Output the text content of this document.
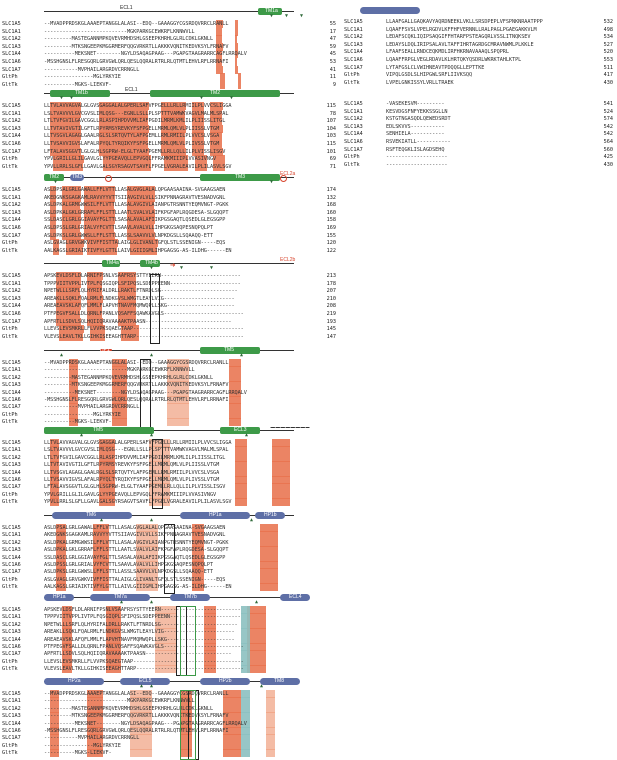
TM1a
ECL1
▼ ▼ ▼
SLC1A5	--MVADPPRDSKGLAAAEPTANGGLALASI--EDQ--GAAAGGYCGSRDQVRRCLRANLL	55
SLC1A1	---------------------------MGKPARKGCEWKRFLKNNWVLL	17
SLC1A2	---------MASTEGANNMPKQVEVRMHDSHLGSEEPKHRHLGLRLCDKLGKNLL	47
SLC1A3	---------MTKSNGEEPKMGGRMERFQQGVRKRTLLAKKKVQNITKEDVKSYLFRNAFV	59
SLC1A4	----------MEKSNET--------NGYLDSAQAGPAAG---PGAPGTAAGRARRCAGFLRRQALV	45
SLC1A6	-MSSHGNSLFLRESGQRLGRVGWLQRLQESLQQRALRTRLRLQTMTLEHVLRFLRRNAFI	53
SLC1A7	-----------MVPHAILARGRDVCRRNGLL	41
GltPh	----------------MGLYRKYIE	11
GltTk	----------MGKS-LIEKVF-	9
TM1b	TM2
ECL1
▼ ▼	▼	▼
SLC1A5	LLTVLAVVAGVALGLGVSGAGGALALGPERLSAFVFPGELLLRLLRMIILPLVVCSLIGGA	115
SLC1A1	LSLTVAVVVLGVCGVSLIMLQSG---EGNLLSLLPLSPTTTVAMWKVAGVLMALMLSPAL	78
SLC1A2	LTLTVFGVILGAVCGGLLRLASPIHPDVVMLIAFPGDILMRMLKMLILPLIISSLITGL	107
SLC1A3	LLTVTAVIVGTILGFTLRPYRMSYREVKYFSFPGELLMRMLQMLVLPLIISSLVTGM	104
SLC1A4	LLTVSGVLAGAGLGAALRGLSLSRTQVTYLAFPGEMLLRMLRMIILPLVVCSLVSGA	103
SLC1A6	LLTVSAVVIGVSLAFALRPYQLTYRQIKYFSFPGELLMRMLQMLVLPLIVSSLVTGM	115
SLC1A7	LFTALAVSGGVTLGLGLHLSGPRW-ELGLTYAAFPGEMLLRLLQLLILPLVISSLISGV	101
GltPh	YPVLGRILLGLILGAVLGLYYPGEAVQLLEPVGQLFFRAMKMIIIPLVVASIVNGV	69
GltTk	YPVLLRRLSLGFLLGAVLGALSGYRSAGVTSAVFLFPGELVGRALEAVILPLILASVLSGV	71
TM2	TM3	TM3	ECL2a
▼	▼
SLC1A5	ASLDPSALGRLGAWALLFFLVTTLLASALGVGLALALQPGAASAAINA-SVGAAGSAEN	174
SLC1A1	AKEDGNKSGAGKAMLRAVVYYVTTSIIAVGIVLVLLSIKFPNNAGRAVTVESNADVGNL	132
SLC1A2	ASLDPKALGRMGWWSILFFLVTTLLASALAVGIVLAIANPGTRSNNTYEQMVNGT-PGKK	168
SLC1A3	ASLDPKALGKLGRRAFLFFLSTTLLAATLSVALVLAIFKPGFAPLRQGDESA-SLGQQPT	160
SLC1A4	SSLDASCLGRLGGIAVAYFGLTTLSASALAVALAFIIKPGSGAQTLQSEDLGLEGSGPP	158
SLC1A6	ASLDPSSLGRLGRIALVYFCVTTLSAAVLAVALVLLIHPGKGSAQPESNQPQLPT	169
SLC1A7	ASLDPKSLGRLGWWSLLFFLSTTLLASSLSAAVVLVLNPKDGSLLSQAAQQ-ETT	155
GltPh	ASLGVAGLGRVGWKVIVFFISTTALAIGLGLIVANLTGFQLSTLSSENIGN-----EQS	120
GltTk	AALKAGSLGRIAIKTIVFYLGTTLLAIVLGIIIGMLIHPGAGSG-AS-ILDHG------EN	122
TM4a	TM4b	ECL2b
▼	▼	▼
SLC1A5	APSKEVLDSFLDLARNIFPSNLVSAAFRSYSTTYEERN--------------------------	213
SLC1A1	TPPPVIITVPPLIVTPLFQSGIQPLSFIPQSLSDEPPEENN-----------------------	178
SLC1A2	NPETWLLLSRFLQLHYRIFALDRLLRAKTLFTNRDLSG-------------------------	207
SLC1A3	AREAKLLSQKLFQALRMLFLNDKGVSLWMGTLEAYLVIG-----------------------	210
SLC1A4	AREAEAVSKLAFQFLMMLFLAPVHTNAVFMQMWQPLLSKG----------------------	208
SLC1A6	PTFPEGVFSALLDLQRNLFPANLVQSAFFSQAWKAVGLS--------------------------	219
SLC1A7	APFRTLLSDVLSQLHQIIQRAVAAAAKTPAASN----------------------------	193
GltPh	LLEVSLEVSMKRLLFLVVPKSQAEGTAAP------------------------------------	145
GltTk	VLEVSLEAVLTKLLGIHKISEEAGHTTARP-----------------------------------	147
HP1	TM5
▲	▲	▲
SLC1A5	--MVADPPRDSKGLAAAEPTANGGLALASI--EDQ--GAAAGGYCGSRDQVRRCLRANLL
SLC1A1	---------------------------MGKPARKGCEWKRFLKNNWVLL
SLC1A2	---------MASTEGANNMPKQVEVRMHDSHLGSEEPKHRHLGLRLCDKLGKNLL
SLC1A3	---------MTKSNGEEPKMGGRMERFQQGVRKRTLLAKKKVQNITKEDVKSYLFRNAFV
SLC1A4	----------MEKSNET--------NGYLDSAQAGPAAG---PGAPGTAAGRARRCAGFLRRQALV
SLC1A6	-MSSHGNSLFLRESGQRLGRVGWLQRLQESLQQRALRTRLRLQTMTLEHVLRFLRRNAFI
SLC1A7	-----------MVPHAILARGRDVCRRNGLL
GltPh	----------------MGLYRKYIE
GltTk	----------MGKS-LIEKVF-
TM5	ECL3
▲	▲	▲
SLC1A5	LLTVLAVVAGVALGLGVSGAGGALALGPERLSAFVFPGELLLRLLRMIILPLVVCSLIGGA
SLC1A1	LSLTVAVVVLGVCGVSLIMLQSG---EGNLLSLLPLSPTTTVAMWKVAGVLMALMLSPAL
SLC1A2	LTLTVFGVILGAVCGGLLRLASPIHPDVVMLIAFPGDILMRMLKMLILPLIISSLITGL
SLC1A3	LLTVTAVIVGTILGFTLRPYRMSYREVKYFSFPGELLMRMLQMLVLPLIISSLVTGM
SLC1A4	LLTVSGVLAGAGLGAALRGLSLSRTQVTYLAFPGEMLLRMLRMIILPLVVCSLVSGA
SLC1A6	LLTVSAVVIGVSLAFALRPYQLTYRQIKYFSFPGELLMRMLQMLVLPLIVSSLVTGM
SLC1A7	LFTALAVSGGVTLGLGLHLSGPRW-ELGLTYAAFPGEMLLRLLQLLILPLVISSLISGV
GltPh	YPVLGRILLGLILGAVLGLYYPGEAVQLLEPVGQLFFRAMKMIIIPLVVASIVNGV
GltTk	YPVLLRRLSLGFLLGAVLGALSGYRSAGVTSAVFLFPGELVGRALEAVILPLILASVLSGV
TM6	HP1a	HP1b
▲	▲	▲
SLC1A5	ASLDPSALGRLGAWALLFFLVTTLLASALGVGLALALQPGAASAAINA-SVGAAGSAEN
SLC1A1	AKEDGNKSGAGKAMLRAVVYYVTTSIIAVGIVLVLLSIKFPNNAGRAVTVESNADVGNL
SLC1A2	ASLDPKALGRMGWWSILFFLVTTLLASALAVGIVLAIANPGTRSNNTYEQMVNGT-PGKK
SLC1A3	ASLDPKALGKLGRRAFLFFLSTTLLAATLSVALVLAIFKPGFAPLRQGDESA-SLGQQPT
SLC1A4	SSLDASCLGRLGGIAVAYFGLTTLSASALAVALAFIIKPGSGAQTLQSEDLGLEGSGPP
SLC1A6	ASLDPSSLGRLGRIALVYFCVTTLSAAVLAVALVLLIHPGKGSAQPESNQPQLPT
SLC1A7	ASLDPKSLGRLGWWSLLFFLSTTLLASSLSAAVVLVLNPKDGSLLSQAAQQ-ETT
GltPh	ASLGVAGLGRVGWKVIVFFISTTALAIGLGLIVANLTGFQLSTLSSENIGN-----EQS
GltTk	AALKAGSLGRIAIKTIVFYLGTTLLAIVLGIIIGMLIHPGAGSG-AS-ILDHG------EN
HP1a	TM7a	TM7b	ECL4
▲	▲	▲
SLC1A5	APSKEVLDSFLDLARNIFPSNLVSAAFRSYSTTYEERN--------------------------
SLC1A1	TPPPVIITVPPLIVTPLFQSGIQPLSFIPQSLSDEPPEENN-----------------------
SLC1A2	NPETWLLLSRFLQLHYRIFALDRLLRAKTLFTNRDLSG-------------------------
SLC1A3	AREAKLLSQKLFQALRMLFLNDKGVSLWMGTLEAYLVIG-----------------------
SLC1A4	AREAEAVSKLAFQFLMMLFLAPVHTNAVFMQMWQPLLSKG----------------------
SLC1A6	PTFPEGVFSALLDLQRNLFPANLVQSAFFSQAWKAVGLS--------------------------
SLC1A7	APFRTLLSDVLSQLHQIIQRAVAAAAKTPAASN----------------------------
GltPh	LLEVSLEVSMKRLLFLVVPKSQAEGTAAP------------------------------------
GltTk	VLEVSLEAVLTKLLGIHKISEEAGHTTARP-----------------------------------
HP2a	ECL5	HP2b	TM8
▲ ▲	▲
SLC1A5	--MVADPPRDSKGLAAAEPTANGGLALASI--EDQ--GAAAGGYCGSRDQVRRCLRANLL
SLC1A1	---------------------------MGKPARKGCEWKRFLKNNWVLL
SLC1A2	---------MASTEGANNMPKQVEVRMHDSHLGSEEPKHRHLGLRLCDKLGKNLL
SLC1A3	---------MTKSNGEEPKMGGRMERFQQGVRKRTLLAKKKVQNITKEDVKSYLFRNAFV
SLC1A4	----------MEKSNET--------NGYLDSAQAGPAAG---PGAPGTAAGRARRCAGFLRRQALV
SLC1A6	-MSSHGNSLFLRESGQRLGRVGWLQRLQESLQQRALRTRLRLQTMTLEHVLRFLRRNAFI
SLC1A7	-----------MVPHAILARGRDVCRRNGLL
GltPh	----------------MGLYRKYIE
GltTk	----------MGKS-LIEKVF-
➜
SLC1A5	LLAAFGALLGAQKAVYAQRDNEEKLVKLLSRSDPEPLVFSPNKNRAATPPP	532
SLC1A1	LQAAFFSVSLVPELRGDVLKFFHFVERNNLLRALPAGLPGAEGAKKVLM	498
SLC1A2	LEDAFSCQKLIQIPSAQGIFFHTARFPSTEAGQRLVSSLITNQKSEV	534
SLC1A3	LEDAYSLDQLIRIPSALAVLTAFFIHRTAGRDGCMRAVNWMLPLKKLE	527
SLC1A4	LFAAFSEALLRNDCEQKMDLIRFHKRNAVAAAQLSPQPRL	520
SLC1A6	LQAAFFRPGLVEGLRDAVLKLHRTQKYQSDRLWKRKTAHLKTPL	553
SLC1A7	LYTAFGSLCLVWIHNEAVTPDQQGLLEPTTKE	511
GltPh	VIPQLGSDLSLHIPGWLSRFLIIVKSQQ	417
GltTk	LVPELGNKISSYLVRLLTRAEK	430
SLC1A5	-VASEKESVM---------	541
SLC1A1	KESVDGSFNFYEKKSSGLLN	524
SLC1A2	KSTGTNGASQDLQEWEDSRDT	574
SLC1A3	EDLSKVVS-----------	542
SLC1A4	SENHIELA-----------	542
SLC1A6	RSVEKIATLL-----------	564
SLC1A7	RSFTEQGKLISLAGDSEHQ	560
GltPh	--------------------	425
GltTk	--------------------	430
